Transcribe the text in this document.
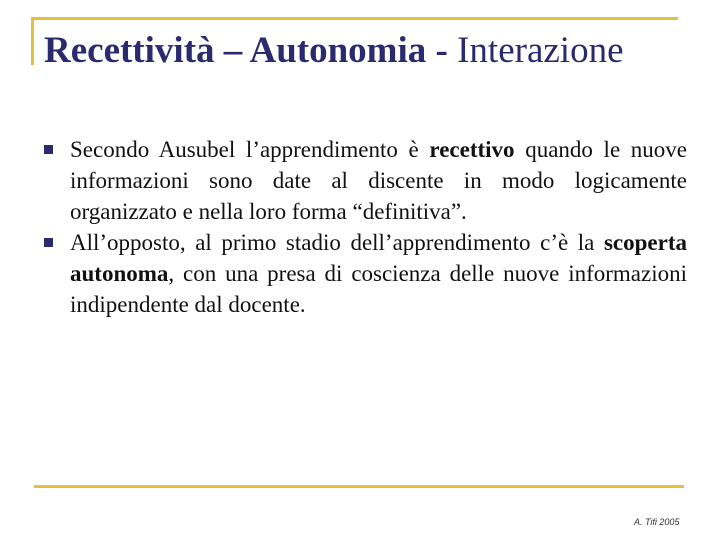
Recettività – Autonomia - Interazione
Secondo Ausubel l’apprendimento è recettivo quando le nuove informazioni sono date al discente in modo logicamente organizzato e nella loro forma “definitiva”.
All’opposto, al primo stadio dell’apprendimento c’è la scoperta autonoma, con una presa di coscienza delle nuove informazioni indipendente dal docente.
A. Tifi 2005
